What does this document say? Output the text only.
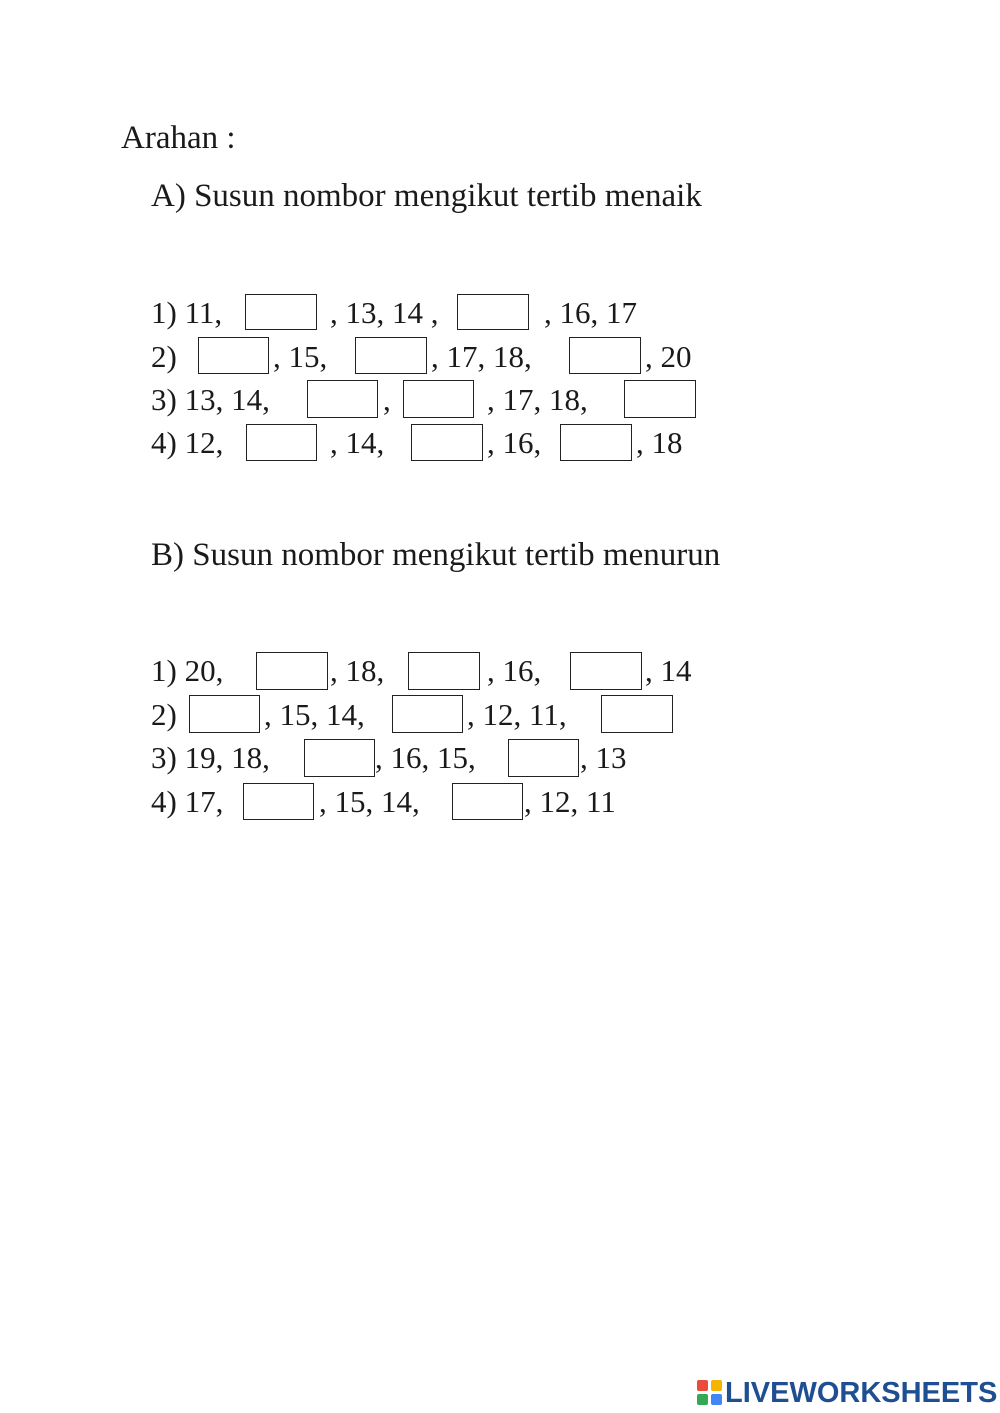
Arahan :
A) Susun nombor mengikut tertib menaik
1) 11,	, 13, 14 ,	, 16, 17
2)	, 15,	, 17, 18,	, 20
3) 13, 14,	,	, 17, 18,
4) 12,	, 14,	, 16,	, 18
B) Susun nombor mengikut tertib menurun
1) 20,	, 18,	, 16,	, 14
2)	, 15, 14,	, 12, 11,
3) 19, 18,	, 16, 15,	, 13
4) 17,	, 15, 14,	, 12, 11
LIVEWORKSHEETS
